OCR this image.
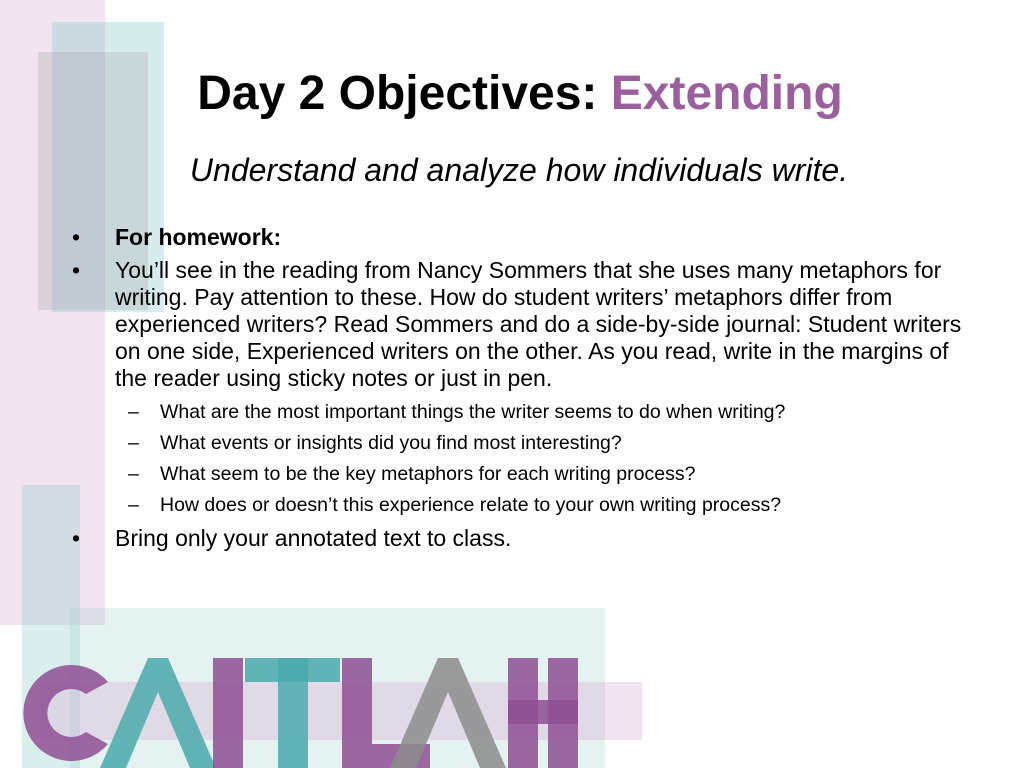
Day 2 Objectives: Extending
Understand and analyze how individuals write.
•	For homework:
•	You’ll see in the reading from Nancy Sommers that she uses many metaphors for writing. Pay attention to these. How do student writers’ metaphors differ from experienced writers? Read Sommers and do a side-by-side journal: Student writers on one side, Experienced writers on the other. As you read, write in the margins of the reader using sticky notes or just in pen.
– What are the most important things the writer seems to do when writing?
– What events or insights did you find most interesting?
– What seem to be the key metaphors for each writing process?
– How does or doesn’t this experience relate to your own writing process?
•	Bring only your annotated text to class.
